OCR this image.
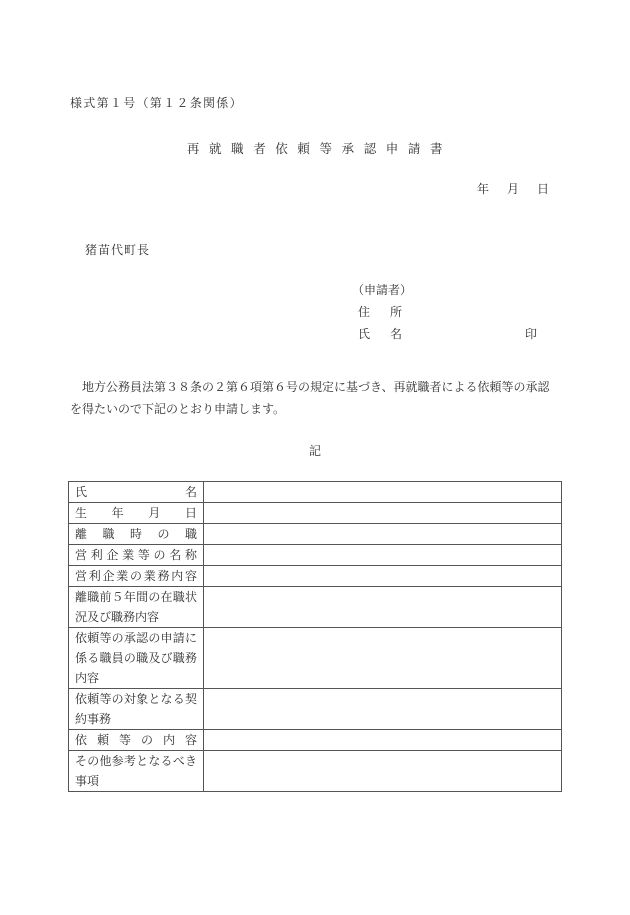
様式第１号（第１２条関係）
再就職者依頼等承認申請書
年 月 日
猪苗代町長
（申請者）
住　所
氏　名	印
　地方公務員法第３８条の２第６項第６号の規定に基づき、再就職者による依頼等の承認
を得たいので下記のとおり申請します。
記
氏名	
生年月日	
離職時の職	
営利企業等の名称	
営利企業の業務内容	
離職前５年間の在職状況及び職務内容	
依頼等の承認の申請に係る職員の職及び職務内容	
依頼等の対象となる契約事務	
依頼等の内容	
その他参考となるべき事項	
